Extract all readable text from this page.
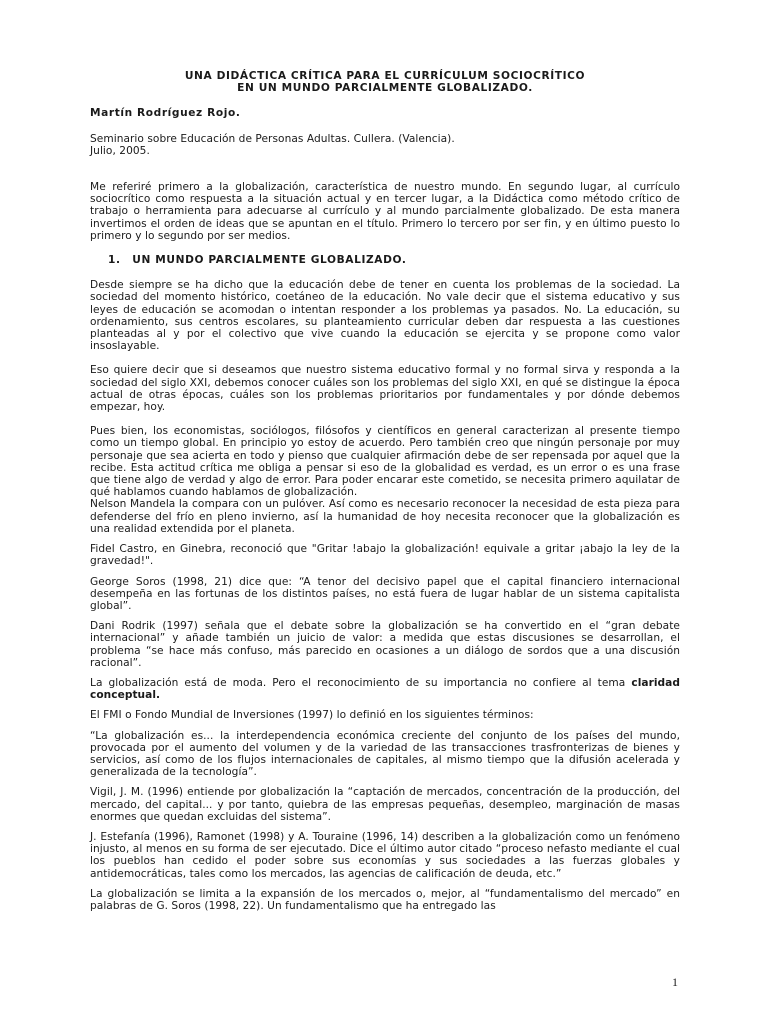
UNA DIDÁCTICA CRÍTICA PARA EL CURRÍCULUM SOCIOCRÍTICO
EN UN MUNDO PARCIALMENTE GLOBALIZADO.
Martín Rodríguez Rojo.
Seminario sobre Educación de Personas Adultas. Cullera. (Valencia).
Julio, 2005.

Me referiré primero a la globalización, característica de nuestro mundo. En segundo lugar, al currículo sociocrítico como respuesta a la situación actual y en tercer lugar, a la Didáctica como método crítico de trabajo o herramienta para adecuarse al currículo y al mundo parcialmente globalizado. De esta manera invertimos el orden de ideas que se apuntan en el título. Primero lo tercero por ser fin, y en último puesto lo primero y lo segundo por ser medios.

1. UN MUNDO PARCIALMENTE GLOBALIZADO.

Desde siempre se ha dicho que la educación debe de tener en cuenta los problemas de la sociedad. La sociedad del momento histórico, coetáneo de la educación. No vale decir que el sistema educativo y sus leyes de educación se acomodan o intentan responder a los problemas ya pasados. No. La educación, su ordenamiento, sus centros escolares, su planteamiento curricular deben dar respuesta a las cuestiones planteadas al y por el colectivo que vive cuando la educación se ejercita y se propone como valor insoslayable.

Eso quiere decir que si deseamos que nuestro sistema educativo formal y no formal sirva y responda a la sociedad del siglo XXI, debemos conocer cuáles son los problemas del siglo XXI, en qué se distingue la época actual de otras épocas, cuáles son los problemas prioritarios por fundamentales y por dónde debemos empezar, hoy.

Pues bien, los economistas, sociólogos, filósofos y científicos en general caracterizan al presente tiempo como un tiempo global. En principio yo estoy de acuerdo. Pero también creo que ningún personaje por muy personaje que sea acierta en todo y pienso que cualquier afirmación debe de ser repensada por aquel que la recibe. Esta actitud crítica me obliga a pensar si eso de la globalidad es verdad, es un error o es una frase que tiene algo de verdad y algo de error. Para poder encarar este cometido, se necesita primero aquilatar de qué hablamos cuando hablamos de globalización.

Nelson Mandela la compara con un pulóver. Así como es necesario reconocer la necesidad de esta pieza para defenderse del frío en pleno invierno, así la humanidad de hoy necesita reconocer que la globalización es una realidad extendida por el planeta.

Fidel Castro, en Ginebra, reconoció que "Gritar !abajo la globalización! equivale a gritar ¡abajo la ley de la gravedad!".

George Soros (1998, 21) dice que: “A tenor del decisivo papel que el capital financiero internacional desempeña en las fortunas de los distintos países, no está fuera de lugar hablar de un sistema capitalista global”.

Dani Rodrik (1997) señala que el debate sobre la globalización se ha convertido en el “gran debate internacional” y añade también un juicio de valor: a medida que estas discusiones se desarrollan, el problema “se hace más confuso, más parecido en ocasiones a un diálogo de sordos que a una discusión racional”.

La globalización está de moda. Pero el reconocimiento de su importancia no confiere al tema claridad conceptual.

El FMI o Fondo Mundial de Inversiones (1997) lo definió en los siguientes términos:

“La globalización es... la interdependencia económica creciente del conjunto de los países del mundo, provocada por el aumento del volumen y de la variedad de las transacciones trasfronterizas de bienes y servicios, así como de los flujos internacionales de capitales, al mismo tiempo que la difusión acelerada y generalizada de la tecnología”.

Vigil, J. M. (1996) entiende por globalización la “captación de mercados, concentración de la producción, del mercado, del capital... y por tanto, quiebra de las empresas pequeñas, desempleo, marginación de masas enormes que quedan excluidas del sistema”.

J. Estefanía (1996), Ramonet (1998) y A. Touraine (1996, 14) describen a la globalización como un fenómeno injusto, al menos en su forma de ser ejecutado. Dice el último autor citado “proceso nefasto mediante el cual los pueblos han cedido el poder sobre sus economías y sus sociedades a las fuerzas globales y antidemocráticas, tales como los mercados, las agencias de calificación de deuda, etc.”

La globalización se limita a la expansión de los mercados o, mejor, al “fundamentalismo del mercado” en palabras de G. Soros (1998, 22). Un fundamentalismo que ha entregado las

1
